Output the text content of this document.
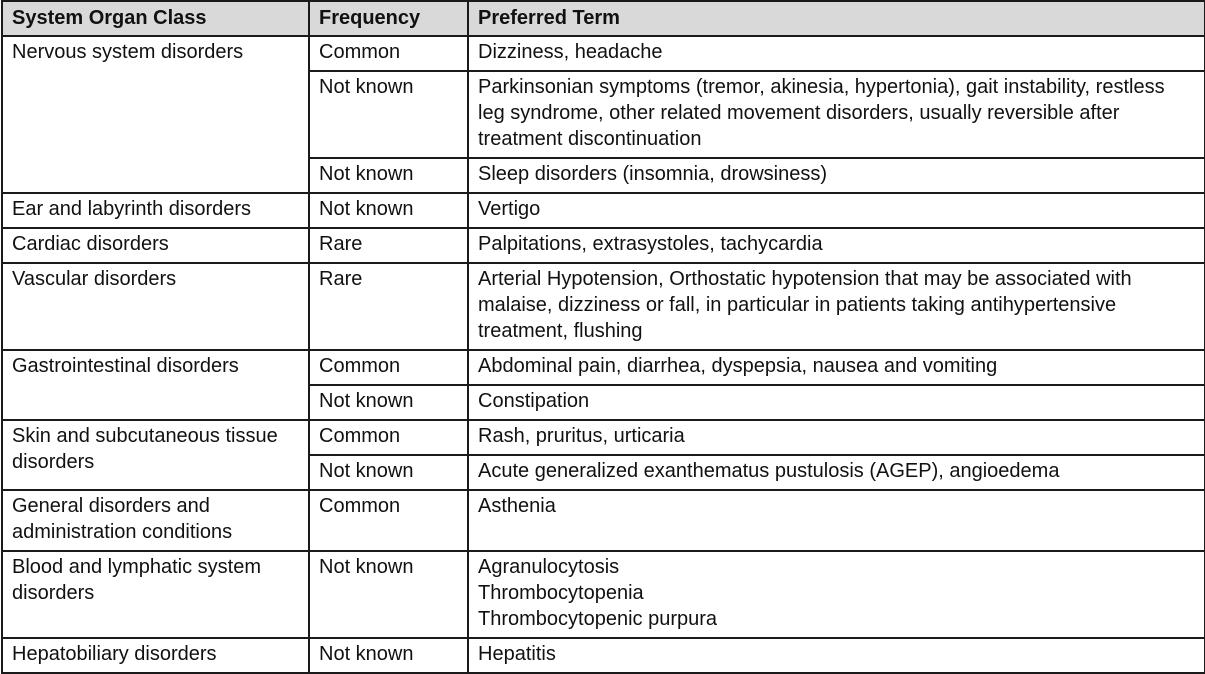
System Organ Class	Frequency	Preferred Term
Nervous system disorders	Common	Dizziness, headache

	Not known	Parkinsonian symptoms (tremor, akinesia, hypertonia), gait instability, restless leg syndrome, other related movement disorders, usually reversible after treatment discontinuation

	Not known	Sleep disorders (insomnia, drowsiness)

Ear and labyrinth disorders	Not known	Vertigo

Cardiac disorders	Rare	Palpitations, extrasystoles, tachycardia

Vascular disorders	Rare	Arterial Hypotension, Orthostatic hypotension that may be associated with malaise, dizziness or fall, in particular in patients taking antihypertensive treatment, flushing

Gastrointestinal disorders	Common	Abdominal pain, diarrhea, dyspepsia, nausea and vomiting

	Not known	Constipation

Skin and subcutaneous tissue disorders	Common	Rash, pruritus, urticaria

	Not known	Acute generalized exanthematus pustulosis (AGEP), angioedema

General disorders and administration conditions	Common	Asthenia

Blood and lymphatic system disorders	Not known	Agranulocytosis
Thrombocytopenia
Thrombocytopenic purpura

Hepatobiliary disorders	Not known	Hepatitis
